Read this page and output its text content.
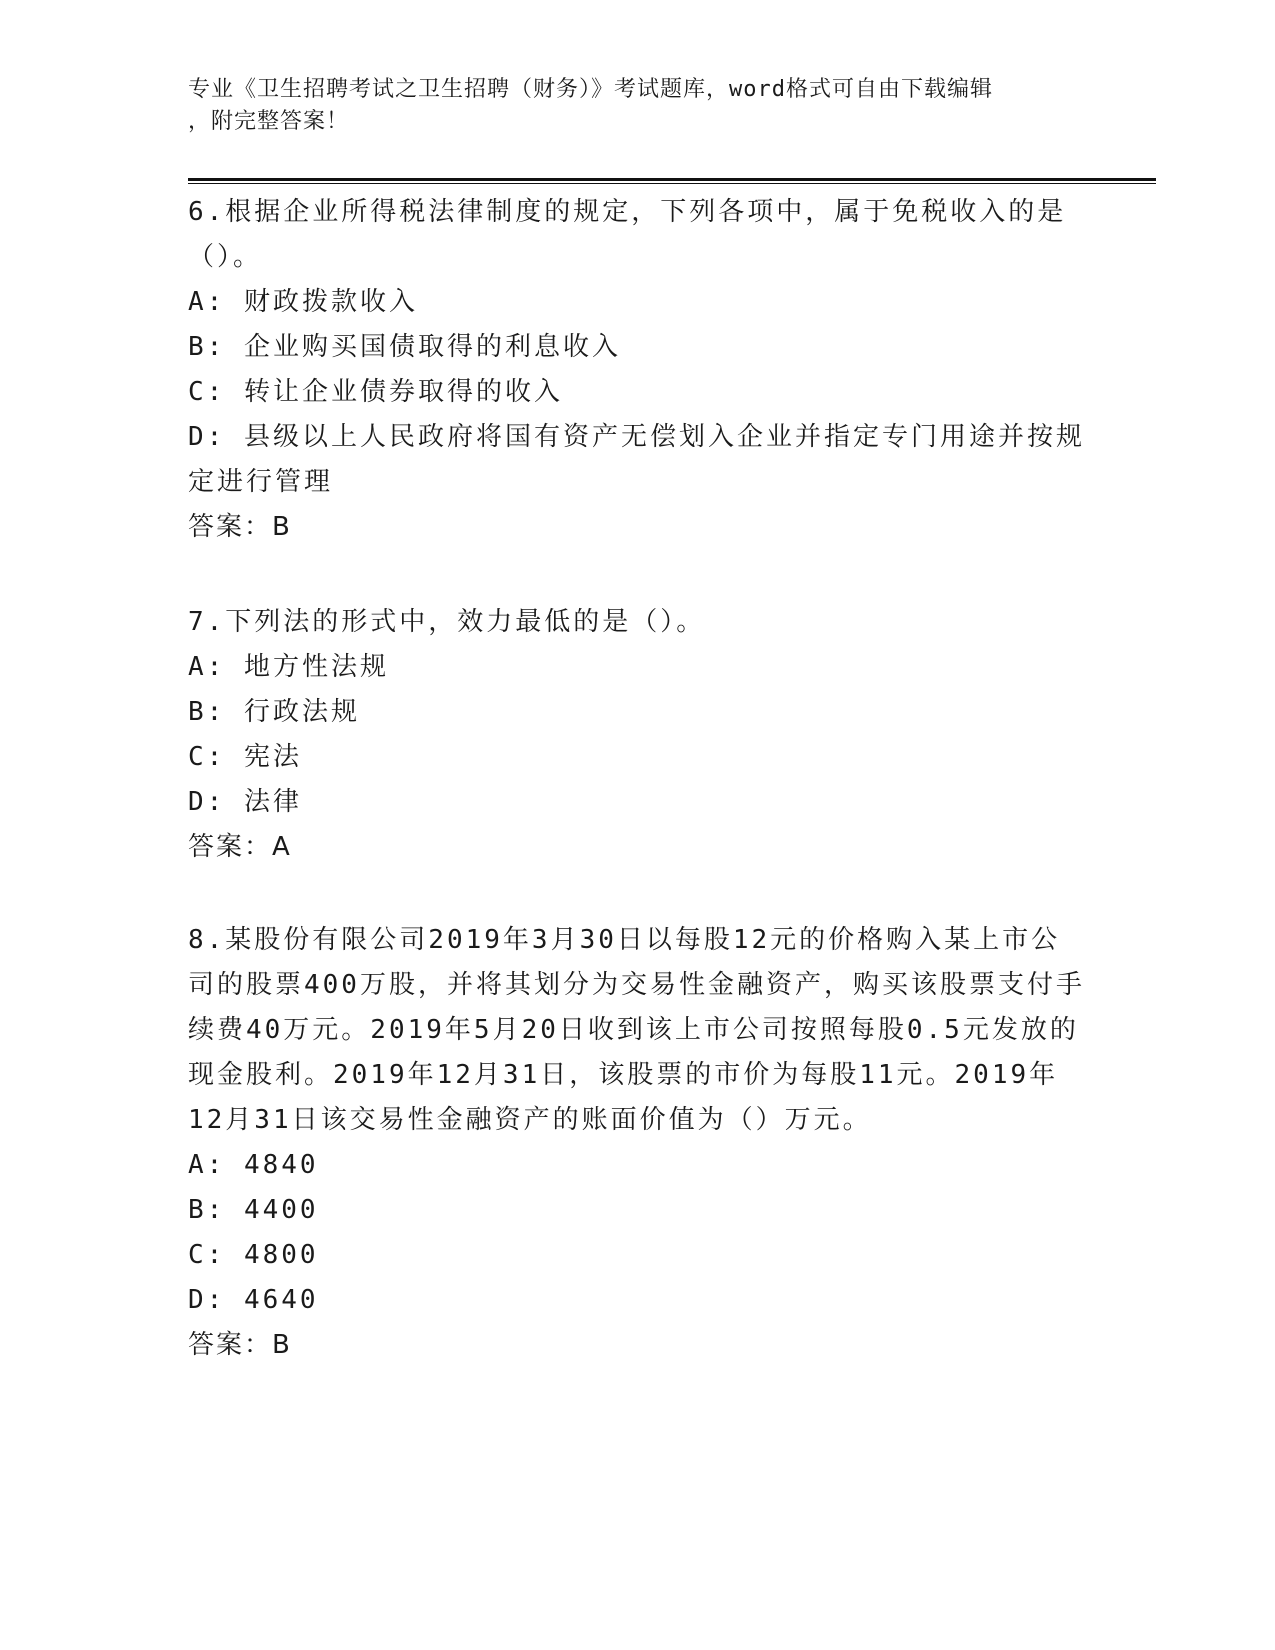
专业《卫生招聘考试之卫生招聘（财务）》考试题库，word格式可自由下载编辑
，附完整答案！
6.根据企业所得税法律制度的规定，下列各项中，属于免税收入的是（）。
A: 财政拨款收入
B: 企业购买国债取得的利息收入
C: 转让企业债券取得的收入
D: 县级以上人民政府将国有资产无偿划入企业并指定专门用途并按规定进行管理
答案：B
7.下列法的形式中，效力最低的是（）。
A: 地方性法规
B: 行政法规
C: 宪法
D: 法律
答案：A
8.某股份有限公司2019年3月30日以每股12元的价格购入某上市公司的股票400万股，并将其划分为交易性金融资产，购买该股票支付手续费40万元。2019年5月20日收到该上市公司按照每股0.5元发放的现金股利。2019年12月31日，该股票的市价为每股11元。2019年12月31日该交易性金融资产的账面价值为（）万元。
A: 4840
B: 4400
C: 4800
D: 4640
答案：B
